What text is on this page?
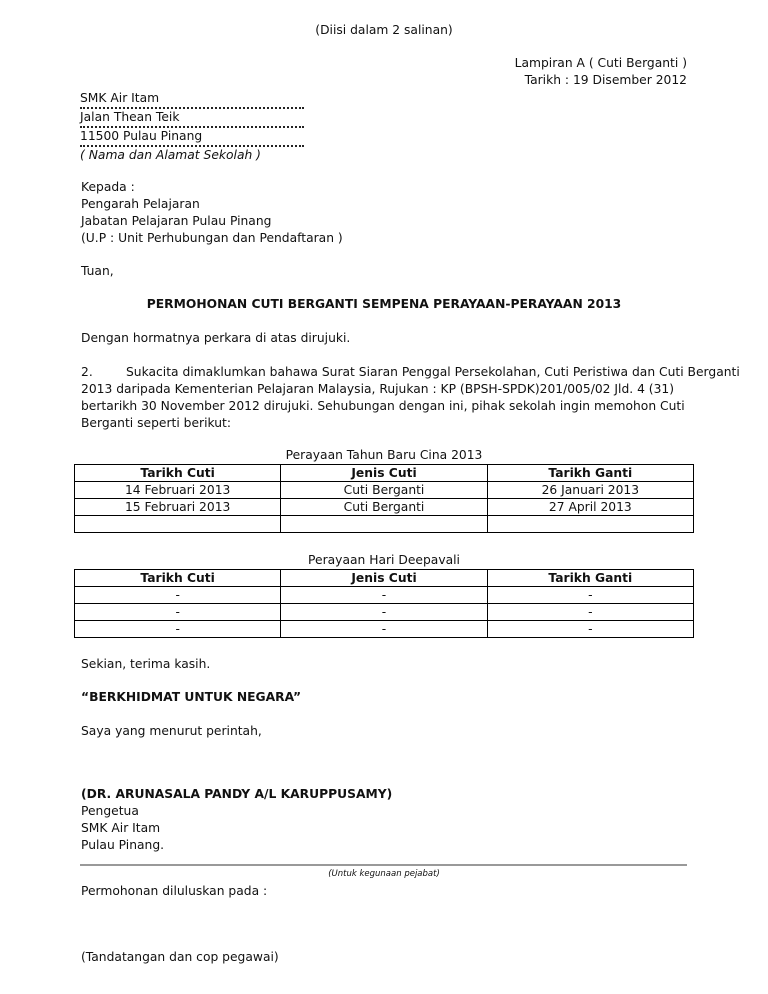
(Diisi dalam 2 salinan)
Lampiran A ( Cuti Berganti )
Tarikh : 19 Disember 2012
SMK Air Itam
Jalan Thean Teik
11500 Pulau Pinang
( Nama dan Alamat Sekolah )
Kepada :
Pengarah Pelajaran
Jabatan Pelajaran Pulau Pinang
(U.P : Unit Perhubungan dan Pendaftaran )
Tuan,
PERMOHONAN CUTI BERGANTI SEMPENA PERAYAAN-PERAYAAN 2013
Dengan hormatnya perkara di atas dirujuki.
2.	Sukacita dimaklumkan bahawa Surat Siaran Penggal Persekolahan, Cuti Peristiwa dan Cuti Berganti
2013 daripada Kementerian Pelajaran Malaysia, Rujukan : KP (BPSH-SPDK)201/005/02 Jld. 4 (31) bertarikh 30 November 2012 dirujuki. Sehubungan dengan ini, pihak sekolah ingin memohon Cuti Berganti seperti berikut:
Perayaan Tahun Baru Cina 2013
Tarikh Cuti	Jenis Cuti	Tarikh Ganti
14 Februari 2013	Cuti Berganti	26 Januari 2013
15 Februari 2013	Cuti Berganti	27 April 2013

Perayaan Hari Deepavali
Tarikh Cuti	Jenis Cuti	Tarikh Ganti
-	-	-
-	-	-
-	-	-
Sekian, terima kasih.
“BERKHIDMAT UNTUK NEGARA”
Saya yang menurut perintah,
(DR. ARUNASALA PANDY A/L KARUPPUSAMY)
Pengetua
SMK Air Itam
Pulau Pinang.
(Untuk kegunaan pejabat)
Permohonan diluluskan pada :
(Tandatangan dan cop pegawai)
